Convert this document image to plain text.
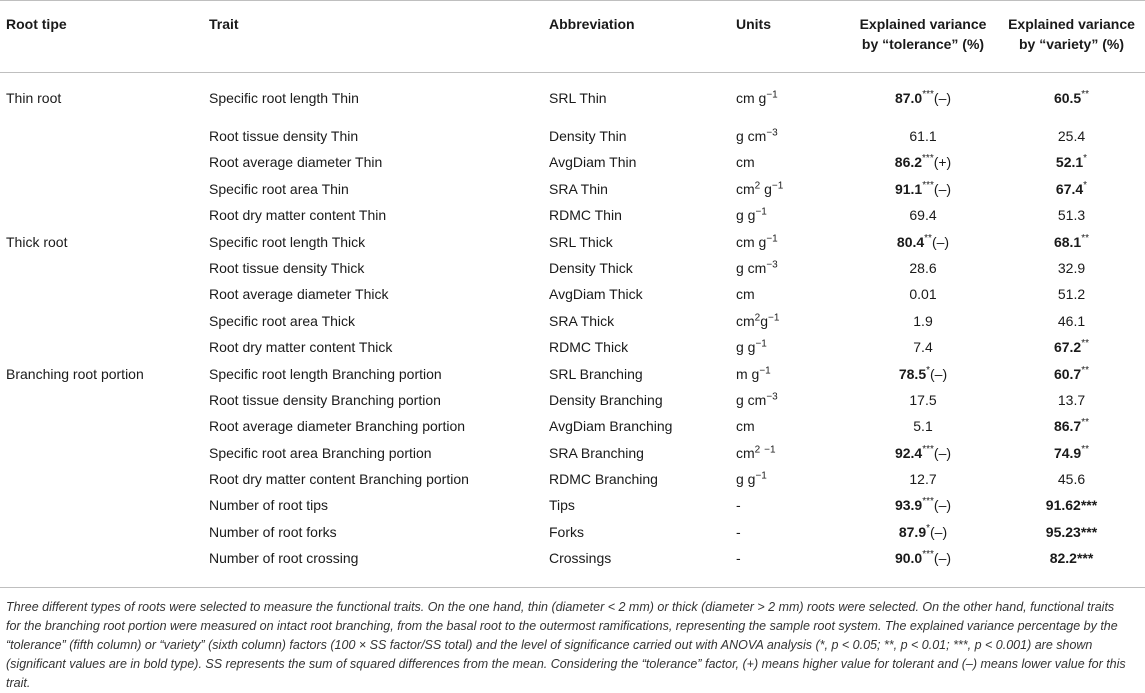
Root tipe	Trait	Abbreviation	Units	Explained variance by “tolerance” (%)	Explained variance by “variety” (%)
Thin root	Specific root length Thin	SRL Thin	cm $g^{-1}$	87.0***(–)	60.5**
	Root tissue density Thin	Density Thin	g $cm^{-3}$	61.1	25.4
	Root average diameter Thin	AvgDiam Thin	cm	86.2***(+)	52.1*
	Specific root area Thin	SRA Thin	$cm^2$ $g^{-1}$	91.1***(–)	67.4*
	Root dry matter content Thin	RDMC Thin	g $g^{-1}$	69.4	51.3
Thick root	Specific root length Thick	SRL Thick	cm $g^{-1}$	80.4**(–)	68.1**
	Root tissue density Thick	Density Thick	g $cm^{-3}$	28.6	32.9
	Root average diameter Thick	AvgDiam Thick	cm	0.01	51.2
	Specific root area Thick	SRA Thick	$cm^2g^{-1}$	1.9	46.1
	Root dry matter content Thick	RDMC Thick	g $g^{-1}$	7.4	67.2**
Branching root portion	Specific root length Branching portion	SRL Branching	m $g^{-1}$	78.5*(–)	60.7**
	Root tissue density Branching portion	Density Branching	g $cm^{-3}$	17.5	13.7
	Root average diameter Branching portion	AvgDiam Branching	cm	5.1	86.7**
	Specific root area Branching portion	SRA Branching	$cm^2$ $^{-1}$	92.4***(–)	74.9**
	Root dry matter content Branching portion	RDMC Branching	g $g^{-1}$	12.7	45.6
	Number of root tips	Tips	-	93.9***(–)	91.62***
	Number of root forks	Forks	-	87.9*(–)	95.23***
	Number of root crossing	Crossings	-	90.0***(–)	82.2***
Three different types of roots were selected to measure the functional traits. On the one hand, thin (diameter < 2 mm) or thick (diameter > 2 mm) roots were selected. On the other hand, functional traits for the branching root portion were measured on intact root branching, from the basal root to the outermost ramifications, representing the sample root system. The explained variance percentage by the “tolerance” (fifth column) or “variety” (sixth column) factors (100 × SS factor/SS total) and the level of significance carried out with ANOVA analysis (*, p < 0.05; **, p < 0.01; ***, p < 0.001) are shown (significant values are in bold type). SS represents the sum of squared differences from the mean. Considering the “tolerance” factor, (+) means higher value for tolerant and (–) means lower value for this trait.
